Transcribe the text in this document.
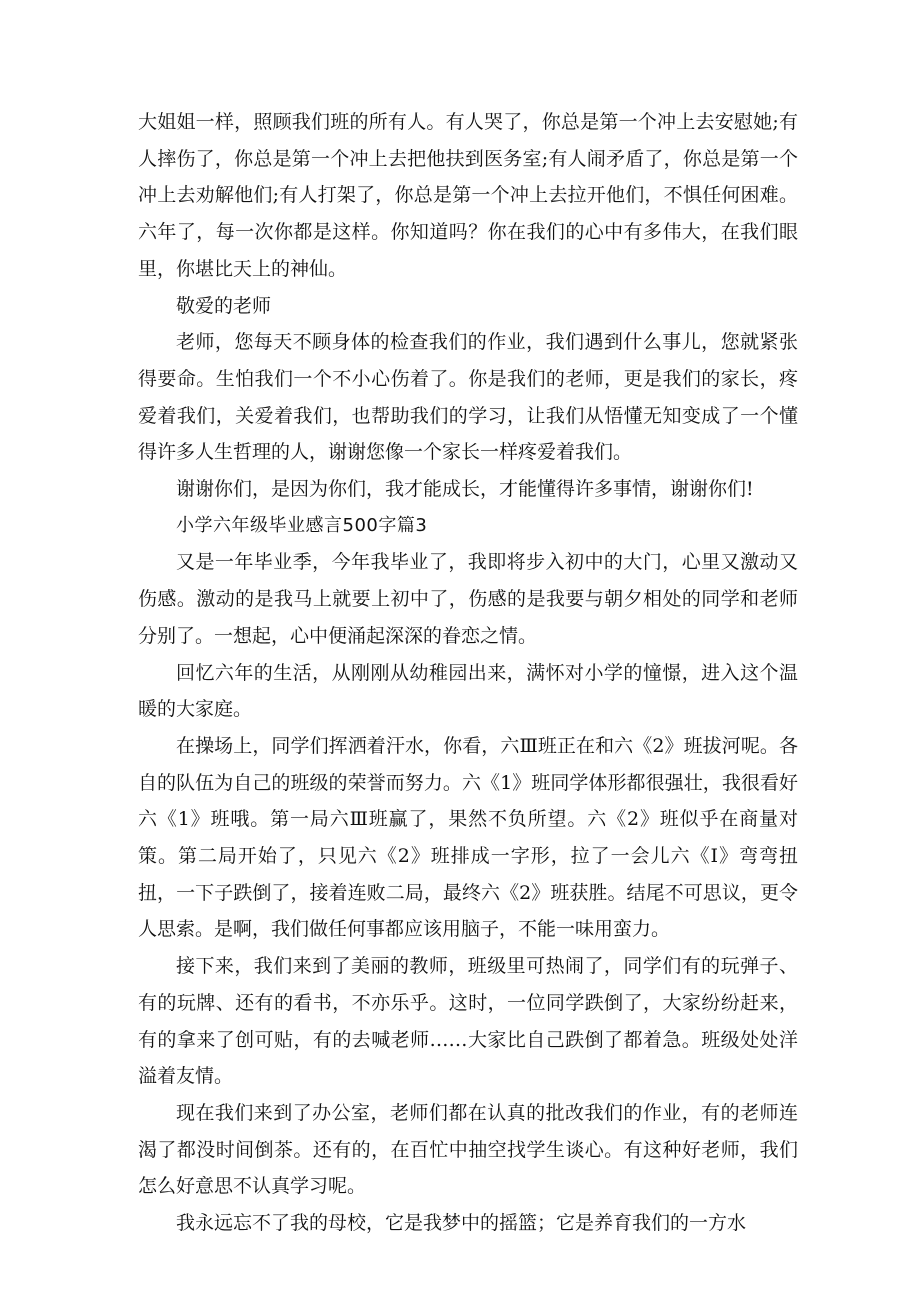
大姐姐一样，照顾我们班的所有人。有人哭了，你总是第一个冲上去安慰她;有人摔伤了，你总是第一个冲上去把他扶到医务室;有人闹矛盾了，你总是第一个冲上去劝解他们;有人打架了，你总是第一个冲上去拉开他们，不惧任何困难。六年了，每一次你都是这样。你知道吗？你在我们的心中有多伟大，在我们眼里，你堪比天上的神仙。

敬爱的老师

老师，您每天不顾身体的检查我们的作业，我们遇到什么事儿，您就紧张得要命。生怕我们一个不小心伤着了。你是我们的老师，更是我们的家长，疼爱着我们，关爱着我们，也帮助我们的学习，让我们从悟懂无知变成了一个懂得许多人生哲理的人，谢谢您像一个家长一样疼爱着我们。

谢谢你们，是因为你们，我才能成长，才能懂得许多事情，谢谢你们!

小学六年级毕业感言500字篇3

又是一年毕业季，今年我毕业了，我即将步入初中的大门，心里又激动又伤感。激动的是我马上就要上初中了，伤感的是我要与朝夕相处的同学和老师分别了。一想起，心中便涌起深深的眷恋之情。

回忆六年的生活，从刚刚从幼稚园出来，满怀对小学的憧憬，进入这个温暖的大家庭。

在操场上，同学们挥洒着汗水，你看，六Ⅲ班正在和六《2》班拔河呢。各自的队伍为自己的班级的荣誉而努力。六《1》班同学体形都很强壮，我很看好六《1》班哦。第一局六Ⅲ班赢了，果然不负所望。六《2》班似乎在商量对策。第二局开始了，只见六《2》班排成一字形，拉了一会儿六《Ⅰ》弯弯扭扭，一下子跌倒了，接着连败二局，最终六《2》班获胜。结尾不可思议，更令人思索。是啊，我们做任何事都应该用脑子，不能一味用蛮力。

接下来，我们来到了美丽的教师，班级里可热闹了，同学们有的玩弹子、有的玩牌、还有的看书，不亦乐乎。这时，一位同学跌倒了，大家纷纷赶来，有的拿来了创可贴，有的去喊老师……大家比自己跌倒了都着急。班级处处洋溢着友情。

现在我们来到了办公室，老师们都在认真的批改我们的作业，有的老师连渴了都没时间倒茶。还有的，在百忙中抽空找学生谈心。有这种好老师，我们怎么好意思不认真学习呢。

我永远忘不了我的母校，它是我梦中的摇篮；它是养育我们的一方水
